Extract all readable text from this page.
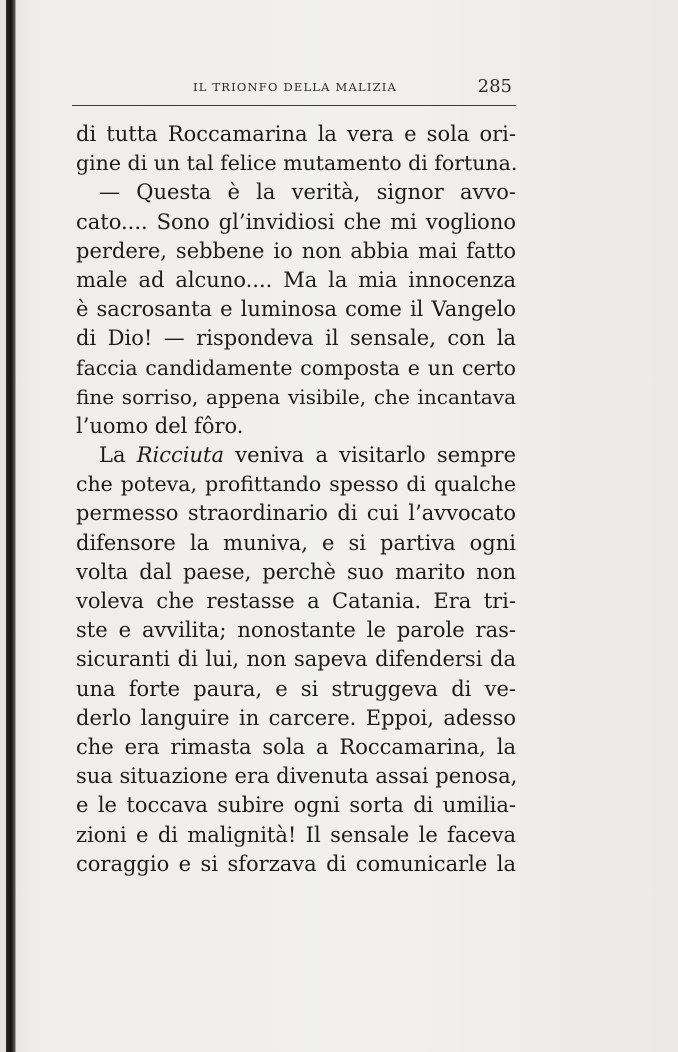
IL TRIONFO DELLA MALIZIA	285
di tutta Roccamarina la vera e sola ori-
gine di un tal felice mutamento di fortuna.
— Questa è la verità, signor avvo-
cato.... Sono gl’invidiosi che mi vogliono
perdere, sebbene io non abbia mai fatto
male ad alcuno.... Ma la mia innocenza
è sacrosanta e luminosa come il Vangelo
di Dio! — rispondeva il sensale, con la
faccia candidamente composta e un certo
fine sorriso, appena visibile, che incantava
l’uomo del fôro.
La Ricciuta veniva a visitarlo sempre
che poteva, profittando spesso di qualche
permesso straordinario di cui l’avvocato
difensore la muniva, e si partiva ogni
volta dal paese, perchè suo marito non
voleva che restasse a Catania. Era tri-
ste e avvilita; nonostante le parole ras-
sicuranti di lui, non sapeva difendersi da
una forte paura, e si struggeva di ve-
derlo languire in carcere. Eppoi, adesso
che era rimasta sola a Roccamarina, la
sua situazione era divenuta assai penosa,
e le toccava subire ogni sorta di umilia-
zioni e di malignità! Il sensale le faceva
coraggio e si sforzava di comunicarle la
